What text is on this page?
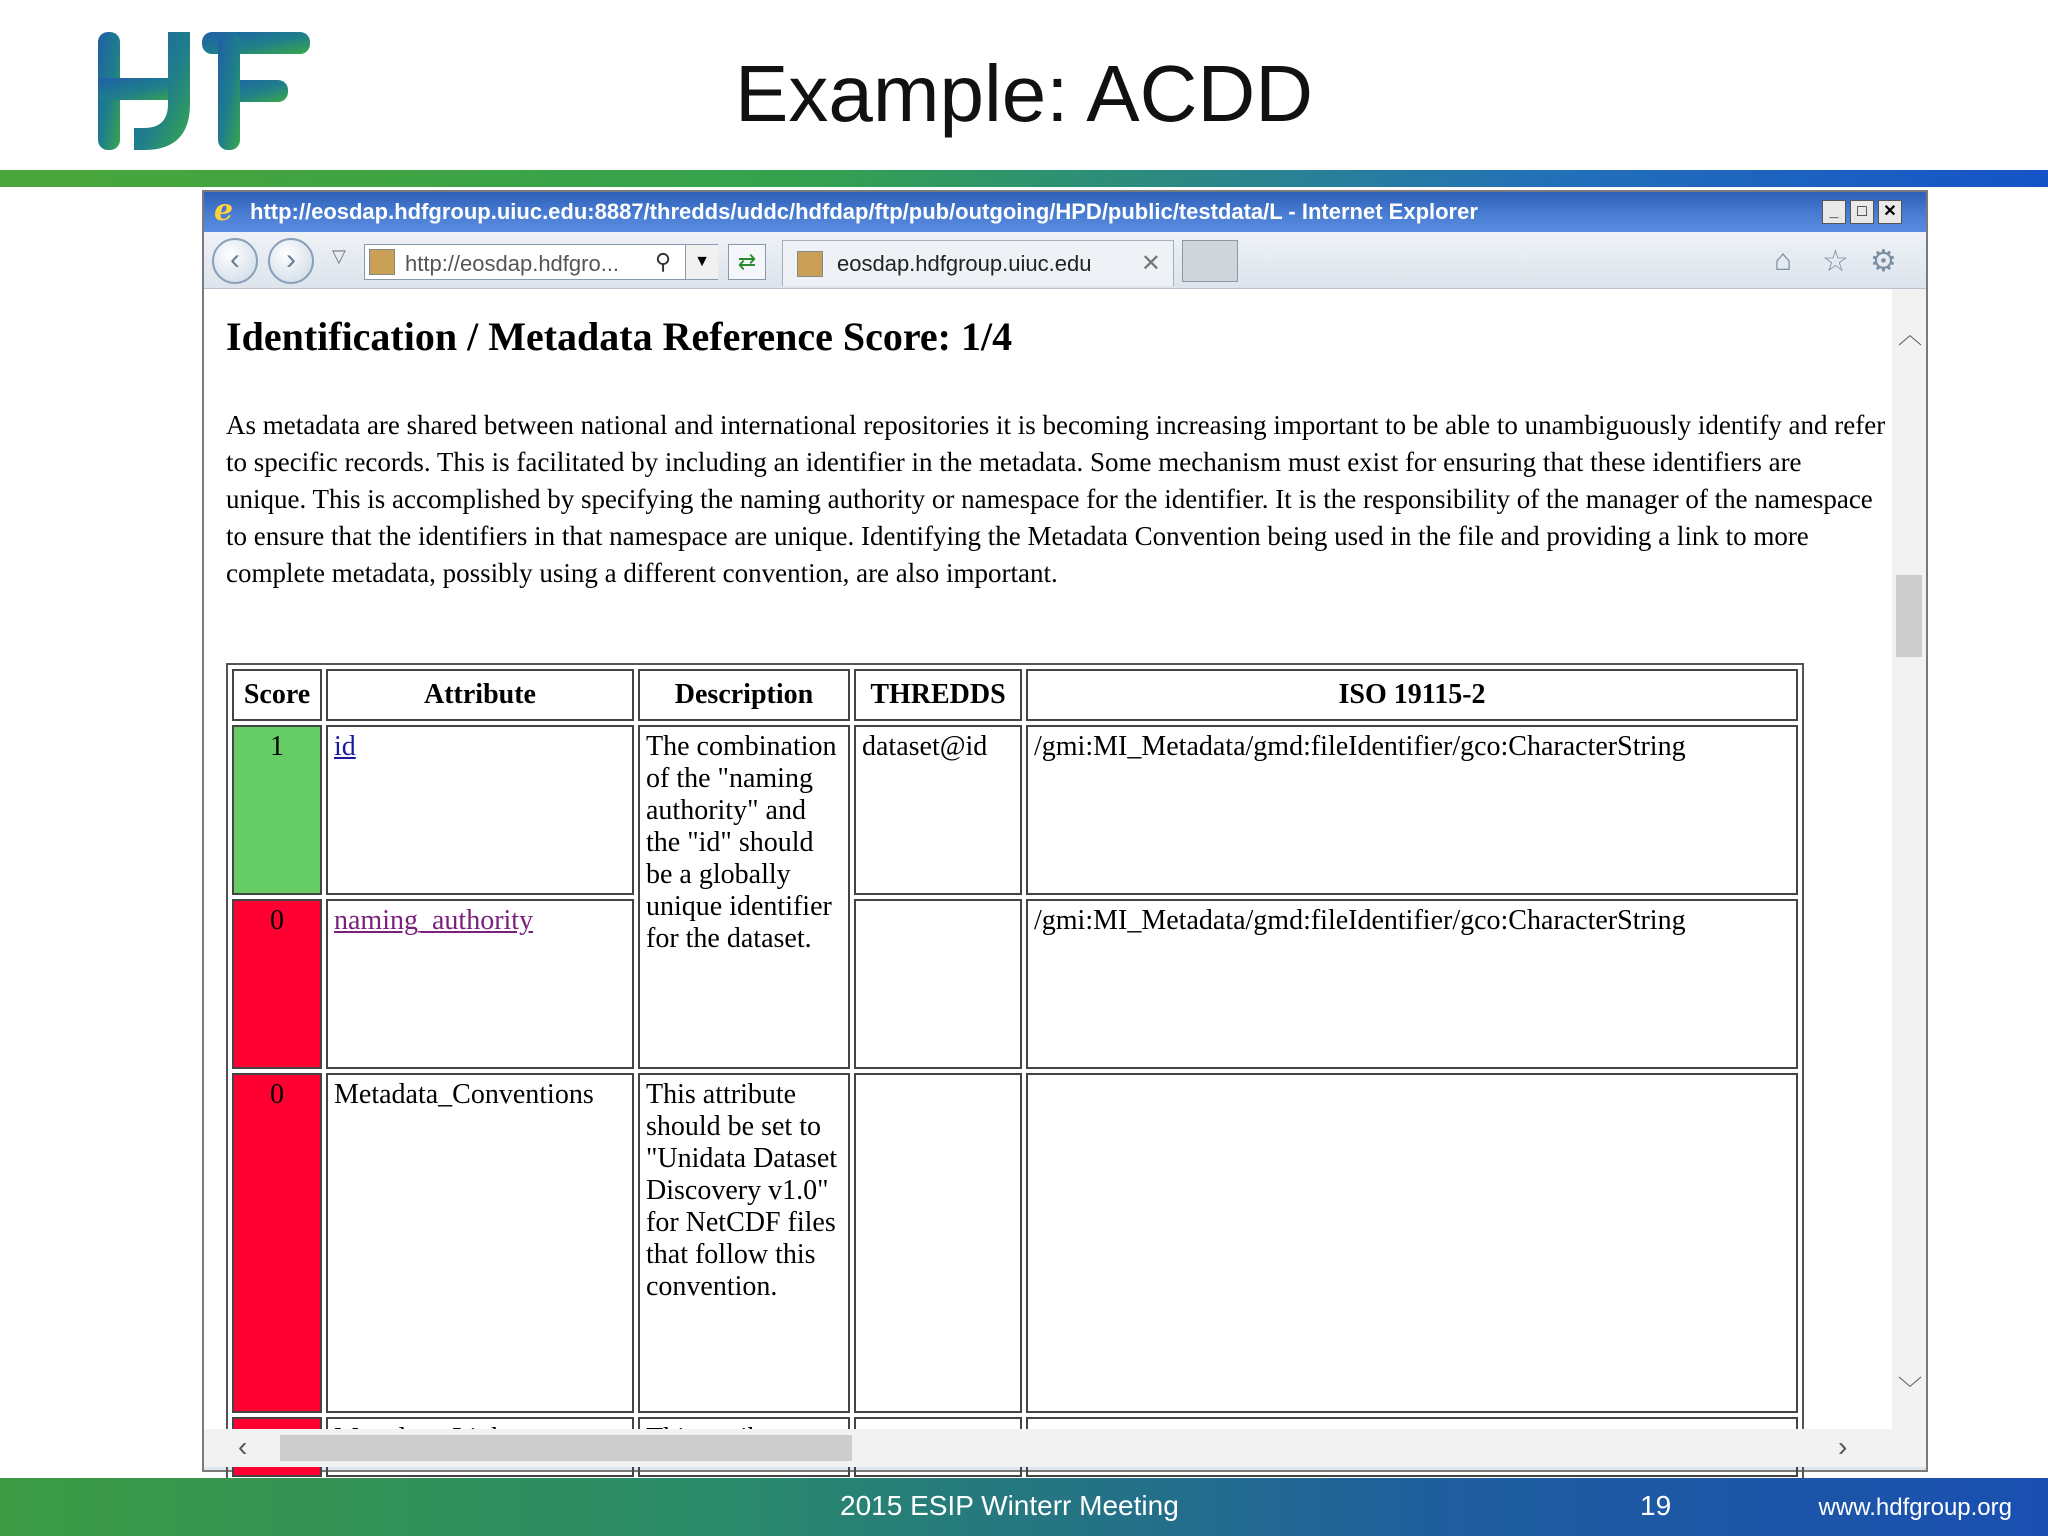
Example: ACDD
e http://eosdap.hdfgroup.uiuc.edu:8887/thredds/uddc/hdfdap/ftp/pub/outgoing/HPD/public/testdata/L - Internet Explorer	_	□	✕
‹	›	▽	http://eosdap.hdfgro... ⚲	▼	⇄	eosdap.hdfgroup.uiuc.edu ✕	⌂ ☆ ⚙
Identification / Metadata Reference Score: 1/4

As metadata are shared between national and international repositories it is becoming increasing important to be able to unambiguously identify and refer to specific records. This is facilitated by including an identifier in the metadata. Some mechanism must exist for ensuring that these identifiers are unique. This is accomplished by specifying the naming authority or namespace for the identifier. It is the responsibility of the manager of the namespace to ensure that the identifiers in that namespace are unique. Identifying the Metadata Convention being used in the file and providing a link to more complete metadata, possibly using a different convention, are also important.

Score	Attribute	Description	THREDDS	ISO 19115-2
1	id	The combination of the "naming authority" and the "id" should be a globally unique identifier for the dataset.	dataset@id	/gmi:MI_Metadata/gmd:fileIdentifier/gco:CharacterString
0	naming_authority			/gmi:MI_Metadata/gmd:fileIdentifier/gco:CharacterString
0	Metadata_Conventions	This attribute should be set to "Unidata Dataset Discovery v1.0" for NetCDF files that follow this convention.		

︿
﹀
‹	›
2015 ESIP Winterr Meeting	19	www.hdfgroup.org
